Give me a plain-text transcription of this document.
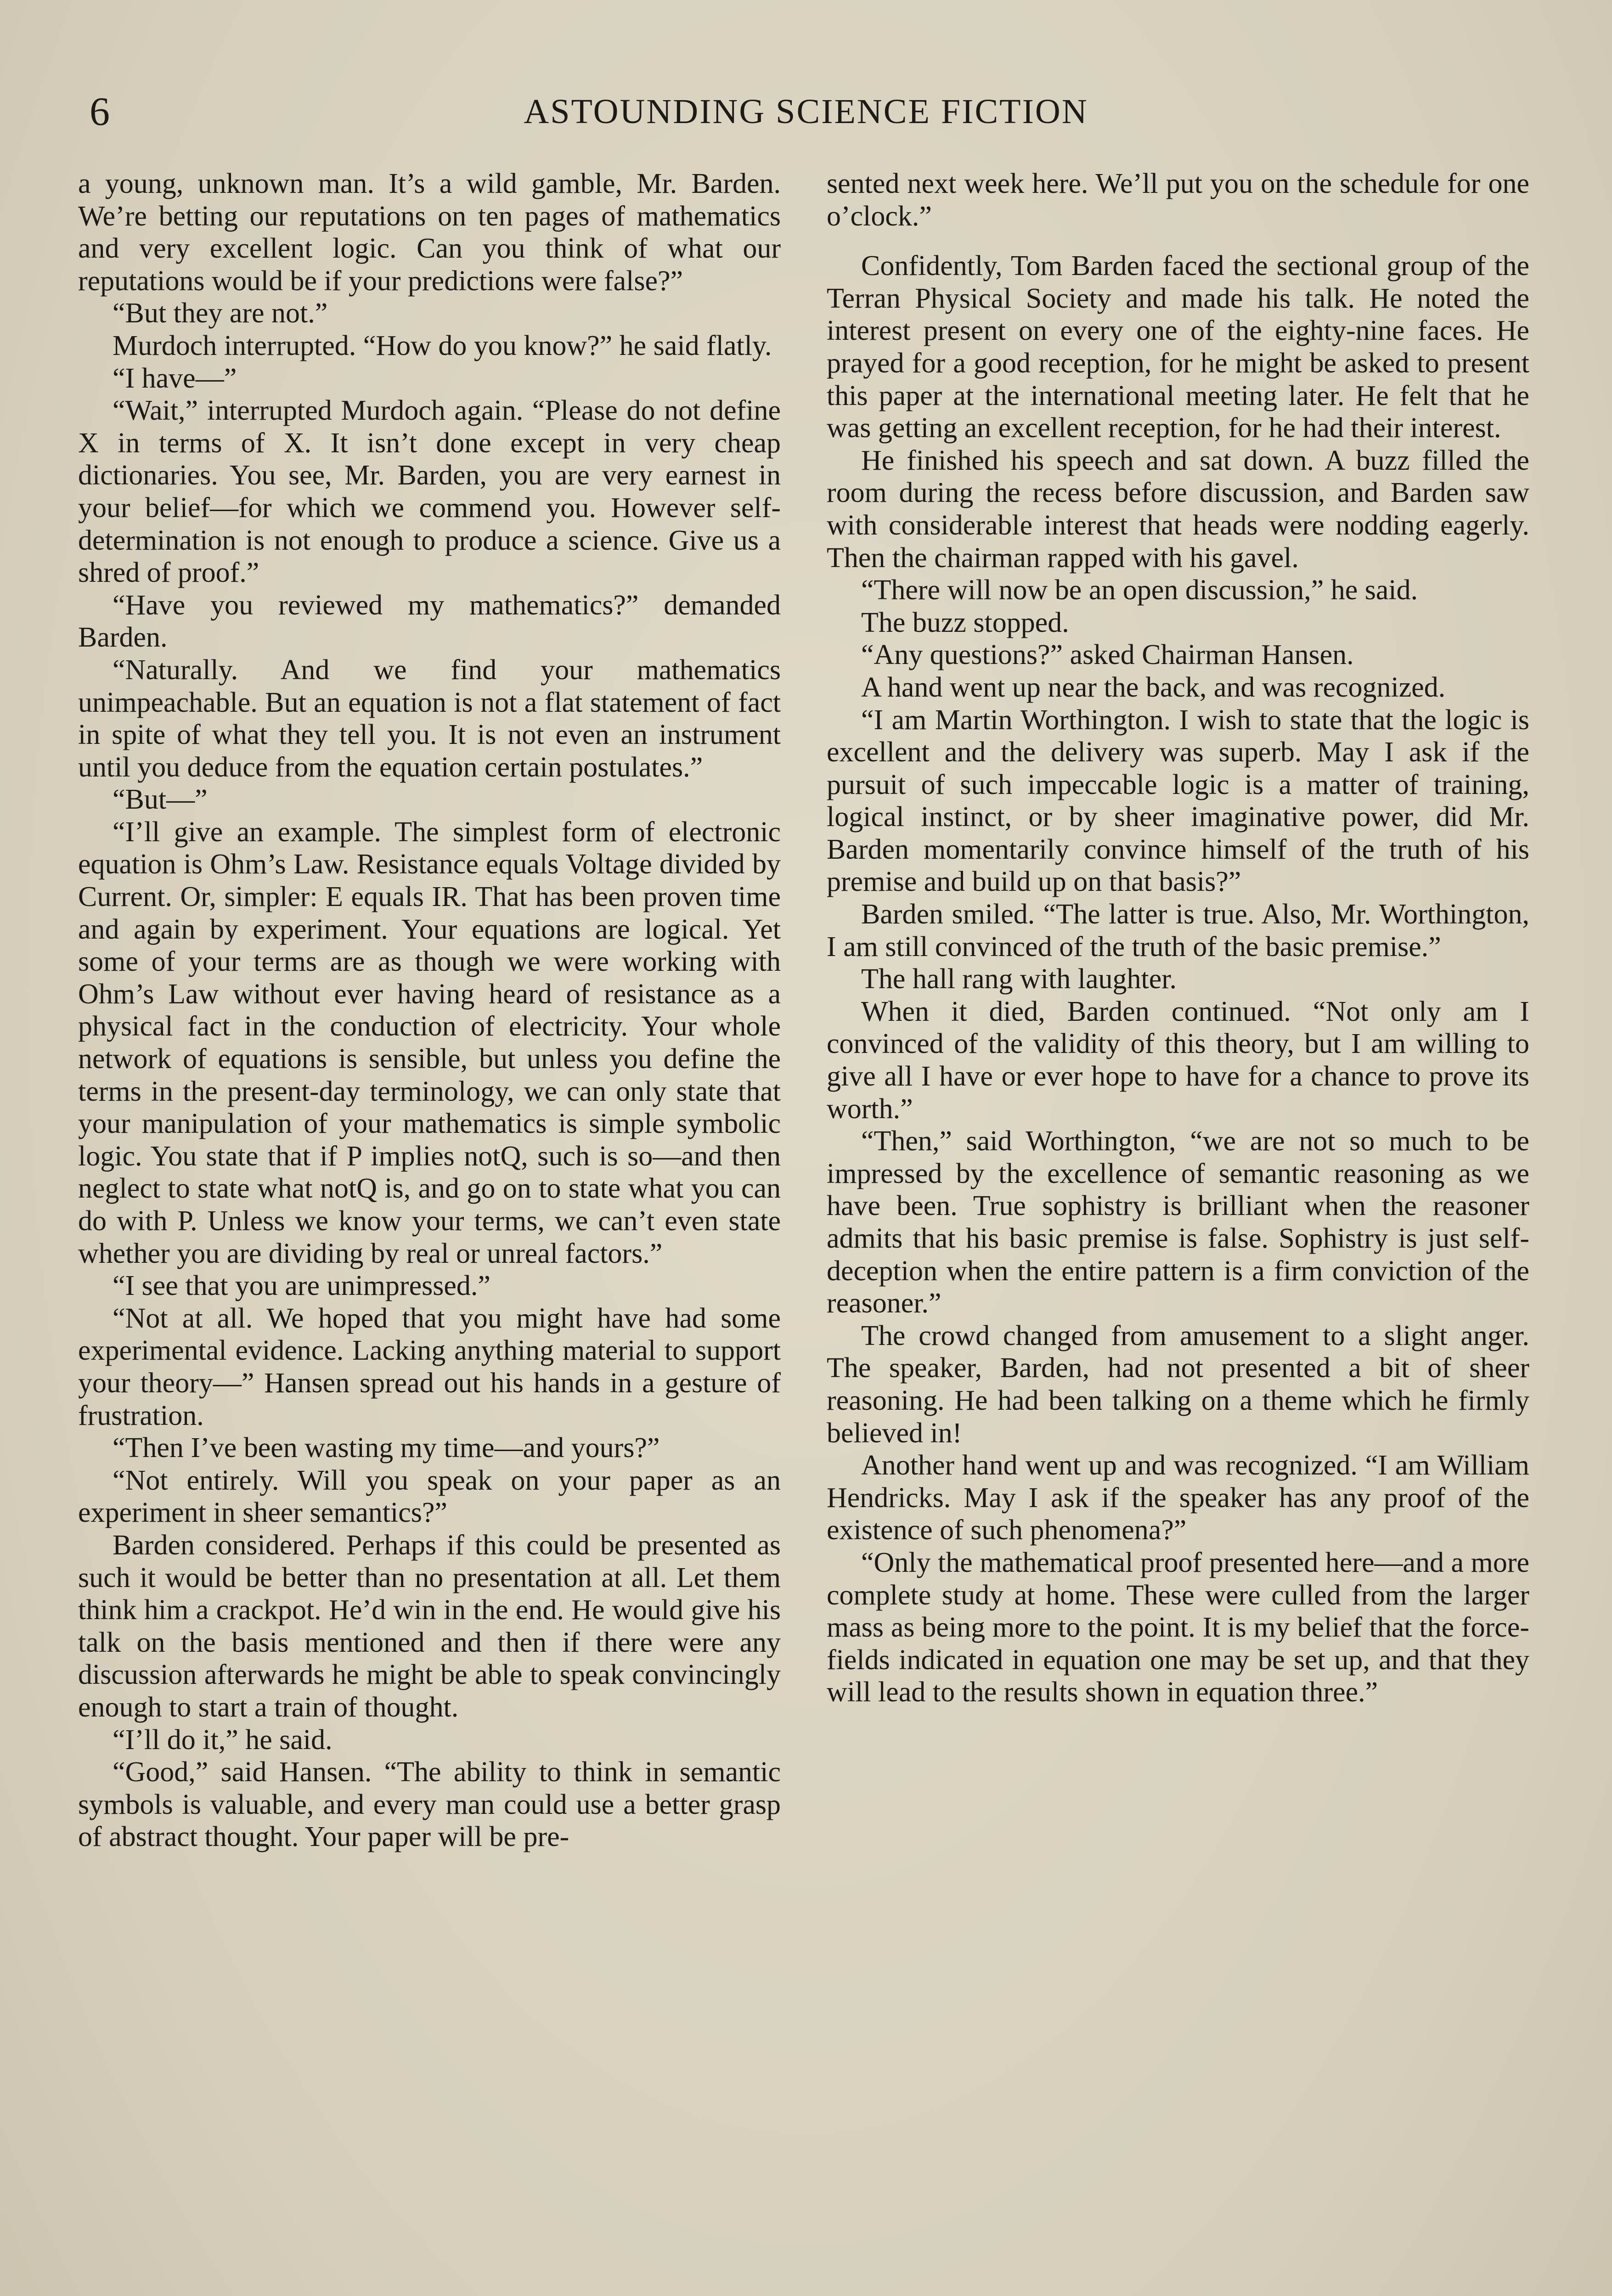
6	ASTOUNDING SCIENCE FICTION

a young, unknown man. It’s a wild gamble, Mr. Barden. We’re betting our reputations on ten pages of mathematics and very excellent logic. Can you think of what our reputations would be if your predictions were false?”

“But they are not.”

Murdoch interrupted. “How do you know?” he said flatly.

“I have—”

“Wait,” interrupted Murdoch again. “Please do not define X in terms of X. It isn’t done except in very cheap dictionaries. You see, Mr. Barden, you are very earnest in your belief—for which we commend you. However self-determination is not enough to produce a science. Give us a shred of proof.”

“Have you reviewed my mathematics?” demanded Barden.

“Naturally. And we find your mathematics unimpeachable. But an equation is not a flat statement of fact in spite of what they tell you. It is not even an instrument until you deduce from the equation certain postulates.”

“But—”

“I’ll give an example. The simplest form of electronic equation is Ohm’s Law. Resistance equals Voltage divided by Current. Or, simpler: E equals IR. That has been proven time and again by experiment. Your equations are logical. Yet some of your terms are as though we were working with Ohm’s Law without ever having heard of resistance as a physical fact in the conduction of electricity. Your whole network of equations is sensible, but unless you define the terms in the present-day terminology, we can only state that your manipulation of your mathematics is simple symbolic logic. You state that if P implies notQ, such is so—and then neglect to state what notQ is, and go on to state what you can do with P. Unless we know your terms, we can’t even state whether you are dividing by real or unreal factors.”

“I see that you are unimpressed.”

“Not at all. We hoped that you might have had some experimental evidence. Lacking anything material to support your theory—” Hansen spread out his hands in a gesture of frustration.

“Then I’ve been wasting my time—and yours?”

“Not entirely. Will you speak on your paper as an experiment in sheer semantics?”

Barden considered. Perhaps if this could be presented as such it would be better than no presentation at all. Let them think him a crackpot. He’d win in the end. He would give his talk on the basis mentioned and then if there were any discussion afterwards he might be able to speak convincingly enough to start a train of thought.

“I’ll do it,” he said.

“Good,” said Hansen. “The ability to think in semantic symbols is valuable, and every man could use a better grasp of abstract thought. Your paper will be pre-

sented next week here. We’ll put you on the schedule for one o’clock.”

Confidently, Tom Barden faced the sectional group of the Terran Physical Society and made his talk. He noted the interest present on every one of the eighty-nine faces. He prayed for a good reception, for he might be asked to present this paper at the international meeting later. He felt that he was getting an excellent reception, for he had their interest.

He finished his speech and sat down. A buzz filled the room during the recess before discussion, and Barden saw with considerable interest that heads were nodding eagerly. Then the chairman rapped with his gavel.

“There will now be an open discussion,” he said.

The buzz stopped.

“Any questions?” asked Chairman Hansen.

A hand went up near the back, and was recognized.

“I am Martin Worthington. I wish to state that the logic is excellent and the delivery was superb. May I ask if the pursuit of such impeccable logic is a matter of training, logical instinct, or by sheer imaginative power, did Mr. Barden momentarily convince himself of the truth of his premise and build up on that basis?”

Barden smiled. “The latter is true. Also, Mr. Worthington, I am still convinced of the truth of the basic premise.”

The hall rang with laughter.

When it died, Barden continued. “Not only am I convinced of the validity of this theory, but I am willing to give all I have or ever hope to have for a chance to prove its worth.”

“Then,” said Worthington, “we are not so much to be impressed by the excellence of semantic reasoning as we have been. True sophistry is brilliant when the reasoner admits that his basic premise is false. Sophistry is just self-deception when the entire pattern is a firm conviction of the reasoner.”

The crowd changed from amusement to a slight anger. The speaker, Barden, had not presented a bit of sheer reasoning. He had been talking on a theme which he firmly believed in!

Another hand went up and was recognized. “I am William Hendricks. May I ask if the speaker has any proof of the existence of such phenomena?”

“Only the mathematical proof presented here—and a more complete study at home. These were culled from the larger mass as being more to the point. It is my belief that the force-fields indicated in equation one may be set up, and that they will lead to the results shown in equation three.”
